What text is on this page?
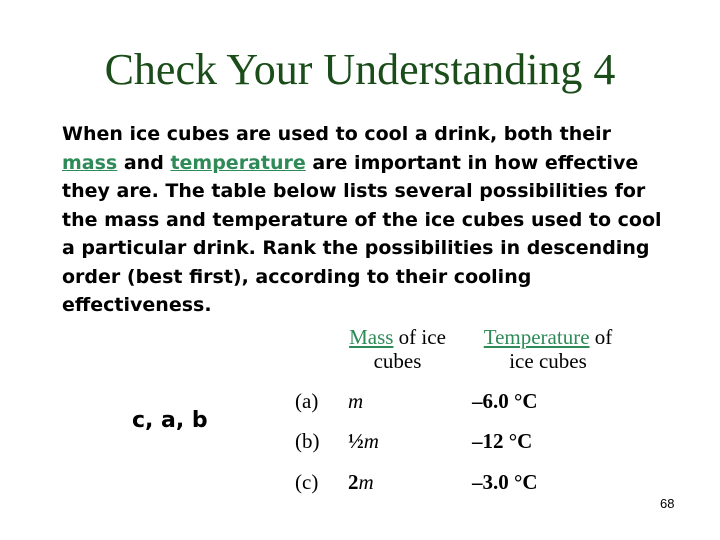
Check Your Understanding 4
When ice cubes are used to cool a drink, both their mass and temperature are important in how effective they are. The table below lists several possibilities for the mass and temperature of the ice cubes used to cool a particular drink. Rank the possibilities in descending order (best first), according to their cooling effectiveness.
c, a, b
Mass of ice
cubes
Temperature of
ice cubes
(a) m	–6.0 °C
(b) ½m	–12 °C
(c) 2m	–3.0 °C
68
